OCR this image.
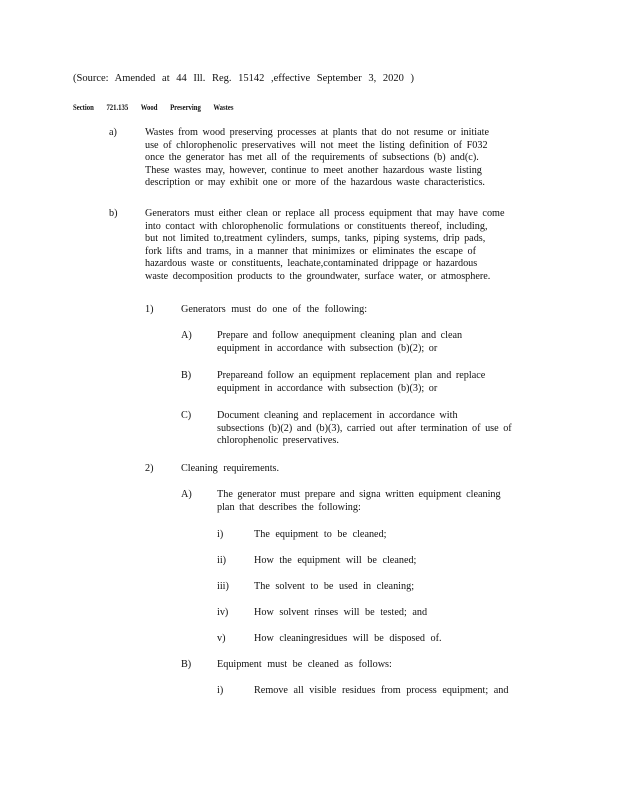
(Source: Amended at 44 Ill. Reg. 15142 ,effective September 3, 2020 )
Section 721.135 Wood Preserving Wastes
a)	Wastes from wood preserving processes at plants that do not resume or initiate
use of chlorophenolic preservatives will not meet the listing definition of F032
once the generator has met all of the requirements of subsections (b) and(c).
These wastes may, however, continue to meet another hazardous waste listing
description or may exhibit one or more of the hazardous waste characteristics.
b)	Generators must either clean or replace all process equipment that may have come
into contact with chlorophenolic formulations or constituents thereof, including,
but not limited to,treatment cylinders, sumps, tanks, piping systems, drip pads,
fork lifts and trams, in a manner that minimizes or eliminates the escape of
hazardous waste or constituents, leachate,contaminated drippage or hazardous
waste decomposition products to the groundwater, surface water, or atmosphere.
1)	Generators must do one of the following:
A) Prepare and follow anequipment cleaning plan and clean
equipment in accordance with subsection (b)(2); or
B)	Prepareand follow an equipment replacement plan and replace
equipment in accordance with subsection (b)(3); or
C)	Document cleaning and replacement in accordance with
subsections (b)(2) and (b)(3), carried out after termination of use of
chlorophenolic preservatives.
2)	Cleaning requirements.
A) The generator must prepare and signa written equipment cleaning
plan that describes the following:
i)	The equipment to be cleaned;
ii)	How the equipment will be cleaned;
iii) The solvent to be used in cleaning;
iv)	How solvent rinses will be tested; and
v)	How cleaningresidues will be disposed of.
B)	Equipment must be cleaned as follows:
i)	Remove all visible residues from process equipment; and
